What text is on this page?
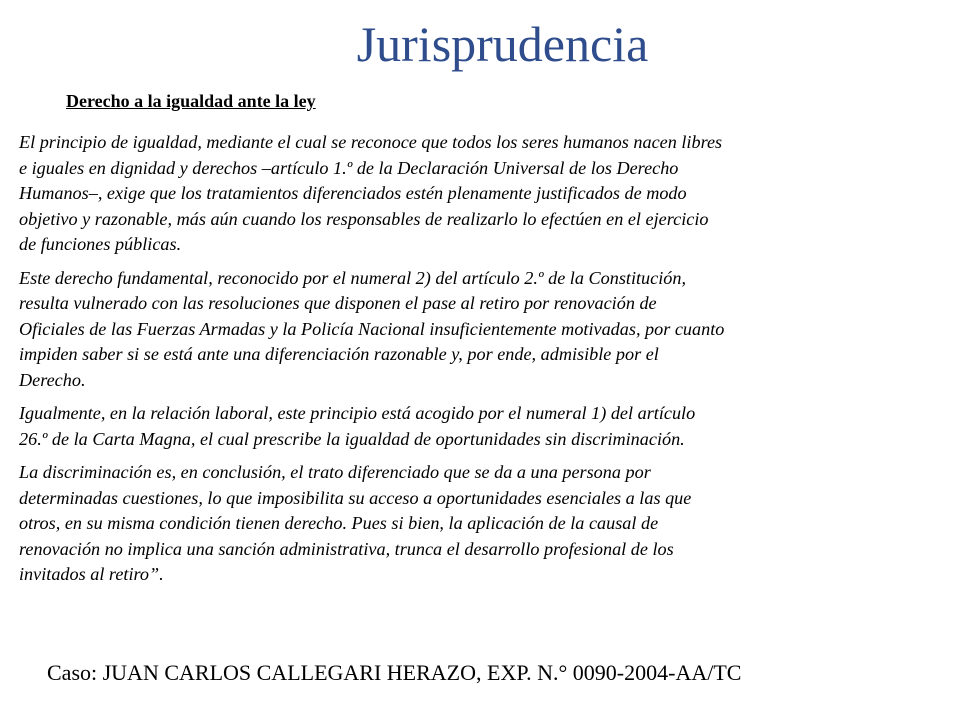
Jurisprudencia
Derecho a la igualdad ante la ley

El principio de igualdad, mediante el cual se reconoce que todos los seres humanos nacen libres
e iguales en dignidad y derechos –artículo 1.º de la Declaración Universal de los Derecho
Humanos–, exige que los tratamientos diferenciados estén plenamente justificados de modo
objetivo y razonable, más aún cuando los responsables de realizarlo lo efectúen en el ejercicio
de funciones públicas.

Este derecho fundamental, reconocido por el numeral 2) del artículo 2.º de la Constitución,
resulta vulnerado con las resoluciones que disponen el pase al retiro por renovación de
Oficiales de las Fuerzas Armadas y la Policía Nacional insuficientemente motivadas, por cuanto
impiden saber si se está ante una diferenciación razonable y, por ende, admisible por el
Derecho.

Igualmente, en la relación laboral, este principio está acogido por el numeral 1) del artículo
26.º de la Carta Magna, el cual prescribe la igualdad de oportunidades sin discriminación.

La discriminación es, en conclusión, el trato diferenciado que se da a una persona por
determinadas cuestiones, lo que imposibilita su acceso a oportunidades esenciales a las que
otros, en su misma condición tienen derecho. Pues si bien, la aplicación de la causal de
renovación no implica una sanción administrativa, trunca el desarrollo profesional de los
invitados al retiro”.

Caso: JUAN CARLOS CALLEGARI HERAZO, EXP. N.° 0090-2004-AA/TC
